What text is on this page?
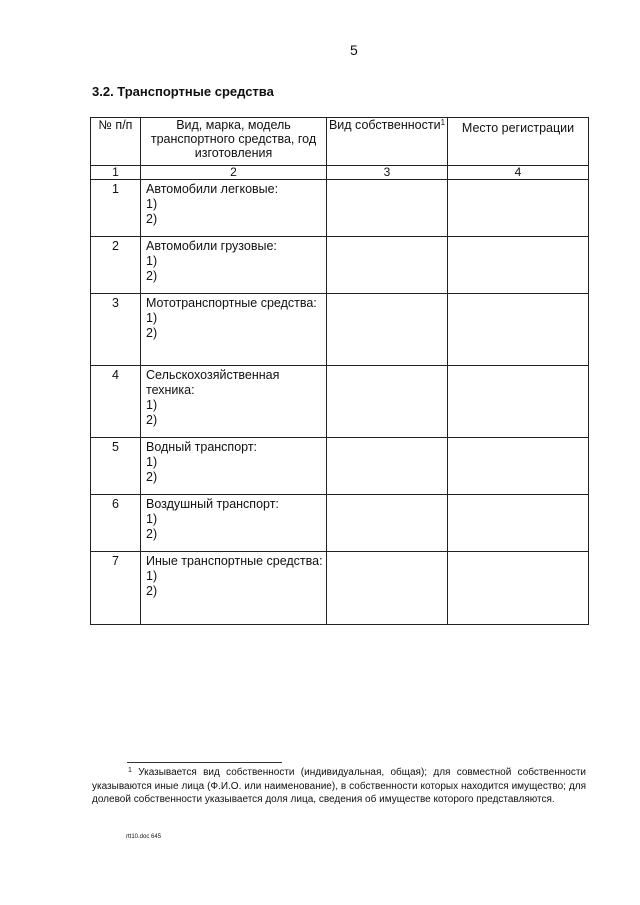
5
3.2. Транспортные средства
№ п/п	Вид, марка, модель транспортного средства, год изготовления	Вид собственности$^1$	Место регистрации
1	2	3	4
1	Автомобили легковые:
1)
2)		

2	Автомобили грузовые:
1)
2)		

3	Мототранспортные средства:
1)
2)		

4	Сельскохозяйственная техника:
1)
2)		

5	Водный транспорт:
1)
2)		

6	Воздушный транспорт:
1)
2)		

7	Иные транспортные средства:
1)
2)		

$^1$ Указывается вид собственности (индивидуальная, общая); для совместной собственности указываются иные лица (Ф.И.О. или наименование), в собственности которых находится имущество; для долевой собственности указывается доля лица, сведения об имуществе которого представляются.
rtt10.doc 645
